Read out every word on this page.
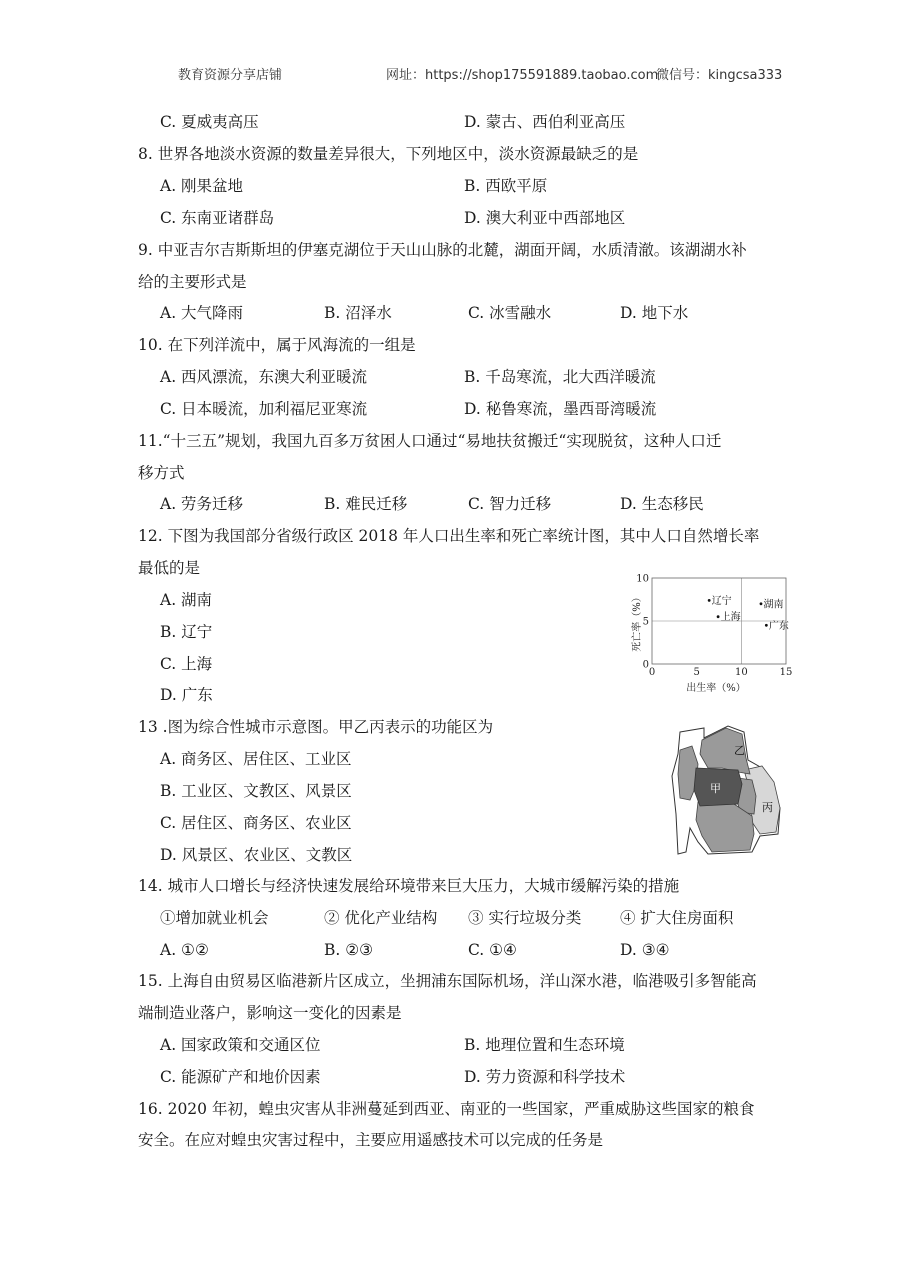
教育资源分享店铺	网址：https://shop175591889.taobao.com
微信号：kingcsa333
C. 夏威夷高压	D. 蒙古、西伯利亚高压
8. 世界各地淡水资源的数量差异很大，下列地区中，淡水资源最缺乏的是
A. 刚果盆地	B. 西欧平原
C. 东南亚诸群岛	D. 澳大利亚中西部地区
9. 中亚吉尔吉斯斯坦的伊塞克湖位于天山山脉的北麓，湖面开阔，水质清澈。该湖湖水补
给的主要形式是
A. 大气降雨	B. 沼泽水	C. 冰雪融水	D. 地下水
10. 在下列洋流中，属于风海流的一组是
A. 西风漂流，东澳大利亚暖流	B. 千岛寒流，北大西洋暖流
C. 日本暖流，加利福尼亚寒流	D. 秘鲁寒流，墨西哥湾暖流
11.“十三五”规划，我国九百多万贫困人口通过“易地扶贫搬迁“实现脱贫，这种人口迁
移方式
A. 劳务迁移	B. 难民迁移	C. 智力迁移	D. 生态移民
12. 下图为我国部分省级行政区 2018 年人口出生率和死亡率统计图，其中人口自然增长率
最低的是
A. 湖南
B. 辽宁
C. 上海
D. 广东
0	5	10	15
0
5
10
辽宁
上海
湖南
广东
出生率（%）
死亡率（%）
13 .图为综合性城市示意图。甲乙丙表示的功能区为
A. 商务区、居住区、工业区
B. 工业区、文教区、风景区
C. 居住区、商务区、农业区
D. 风景区、农业区、文教区
乙
甲
丙
14. 城市人口增长与经济快速发展给环境带来巨大压力，大城市缓解污染的措施
①增加就业机会	② 优化产业结构 ③ 实行垃圾分类 ④ 扩大住房面积
A. ①②	B. ②③	C. ①④	D. ③④
15. 上海自由贸易区临港新片区成立，坐拥浦东国际机场，洋山深水港，临港吸引多智能高
端制造业落户，影响这一变化的因素是
A. 国家政策和交通区位	B. 地理位置和生态环境
C. 能源矿产和地价因素	D. 劳力资源和科学技术
16. 2020 年初，蝗虫灾害从非洲蔓延到西亚、南亚的一些国家，严重威胁这些国家的粮食
安全。在应对蝗虫灾害过程中，主要应用遥感技术可以完成的任务是
